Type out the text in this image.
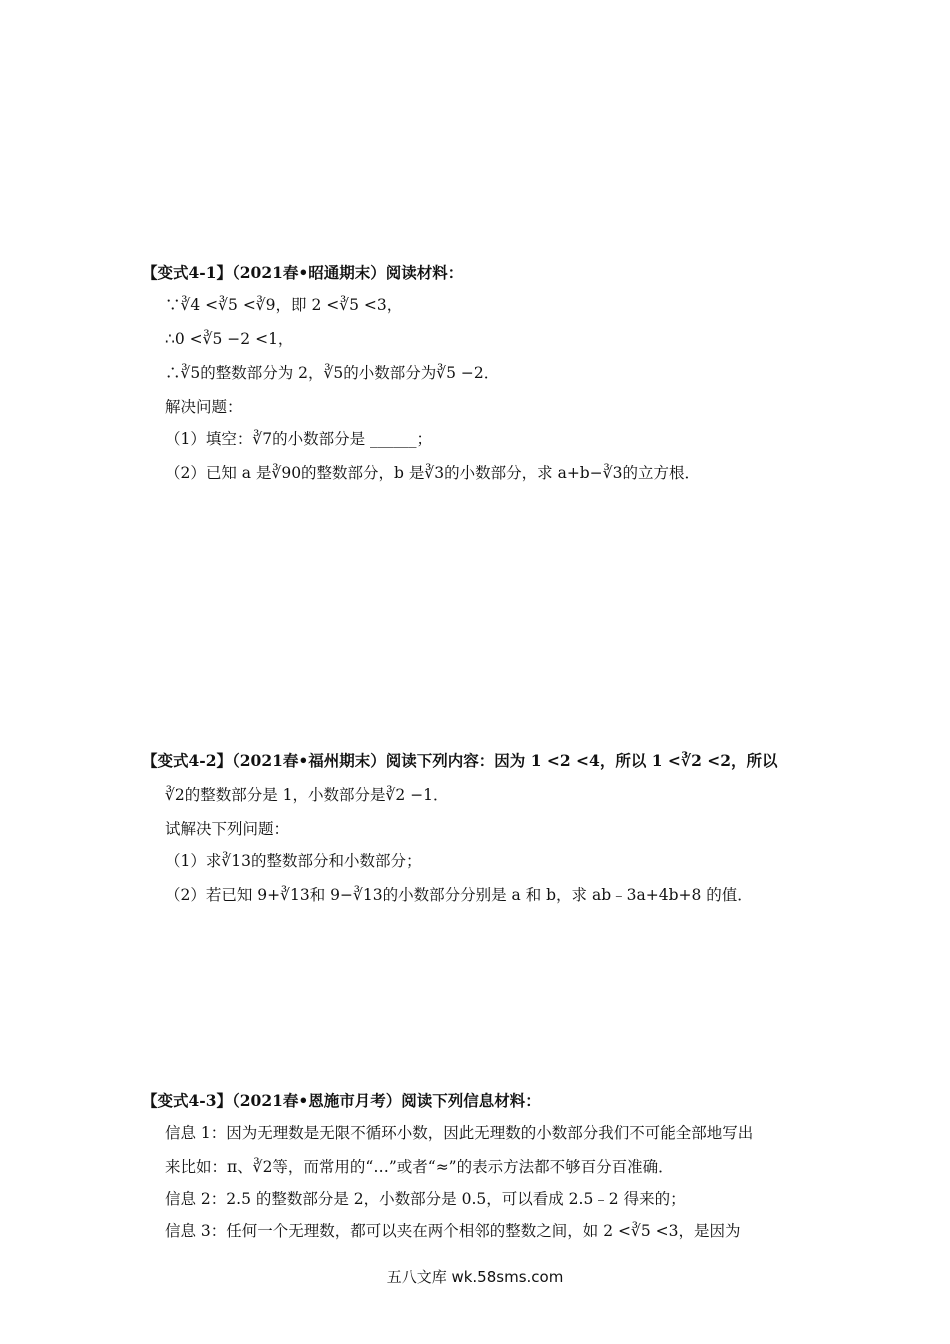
【变式4-1】（2021春•昭通期末）阅读材料：
∵∛4 <∛5 <∛9，即 2 <∛5 <3，
∴0 <∛5 −2 <1，
∴∛5的整数部分为 2，∛5的小数部分为∛5 −2．
解决问题：
（1）填空：∛7的小数部分是 ______；
（2）已知 a 是∛90的整数部分，b 是∛3的小数部分，求 a+b−∛3的立方根．
【变式4-2】（2021春•福州期末）阅读下列内容：因为 1 <2 <4，所以 1 <∛2 <2，所以
∛2的整数部分是 1，小数部分是∛2 −1．
试解决下列问题：
（1）求∛13的整数部分和小数部分；
（2）若已知 9+∛13和 9−∛13的小数部分分别是 a 和 b，求 ab﹣3a+4b+8 的值．
【变式4-3】（2021春•恩施市月考）阅读下列信息材料：
信息 1：因为无理数是无限不循环小数，因此无理数的小数部分我们不可能全部地写出
来比如：π、∛2等，而常用的“…”或者“≈”的表示方法都不够百分百准确．
信息 2：2.5 的整数部分是 2，小数部分是 0.5，可以看成 2.5﹣2 得来的；
信息 3：任何一个无理数，都可以夹在两个相邻的整数之间，如 2 <∛5 <3，是因为
五八文库 wk.58sms.com
